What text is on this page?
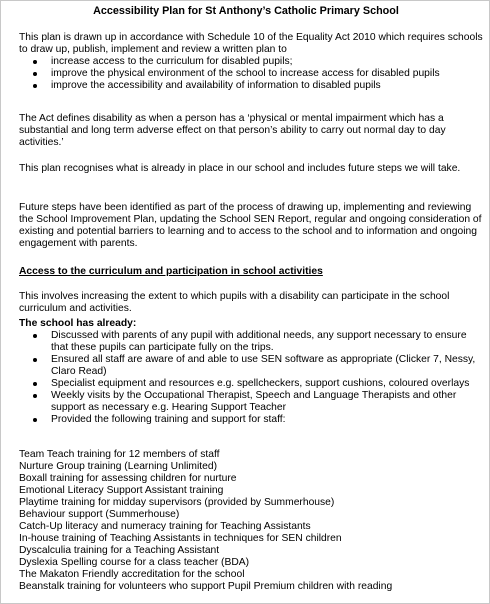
Accessibility Plan for St Anthony’s Catholic Primary School

This plan is drawn up in accordance with Schedule 10 of the Equality Act 2010 which requires schools to draw up, publish, implement and review a written plan to

increase access to the curriculum for disabled pupils;
improve the physical environment of the school to increase access for disabled pupils
improve the accessibility and availability of information to disabled pupils

The Act defines disability as when a person has a ‘physical or mental impairment which has a substantial and long term adverse effect on that person’s ability to carry out normal day to day activities.’

This plan recognises what is already in place in our school and includes future steps we will take.

Future steps have been identified as part of the process of drawing up, implementing and reviewing the School Improvement Plan, updating the School SEN Report, regular and ongoing consideration of existing and potential barriers to learning and to access to the school and to information and ongoing engagement with parents.

Access to the curriculum and participation in school activities

This involves increasing the extent to which pupils with a disability can participate in the school curriculum and activities.

The school has already:

Discussed with parents of any pupil with additional needs, any support necessary to ensure that these pupils can participate fully on the trips.
Ensured all staff are aware of and able to use SEN software as appropriate (Clicker 7, Nessy, Claro Read)
Specialist equipment and resources e.g. spellcheckers, support cushions, coloured overlays
Weekly visits by the Occupational Therapist, Speech and Language Therapists and other support as necessary e.g. Hearing Support Teacher
Provided the following training and support for staff:
Team Teach training for 12 members of staff
Nurture Group training (Learning Unlimited)
Boxall training for assessing children for nurture
Emotional Literacy Support Assistant training
Playtime training for midday supervisors (provided by Summerhouse)
Behaviour support (Summerhouse)
Catch-Up literacy and numeracy training for Teaching Assistants
In-house training of Teaching Assistants in techniques for SEN children
Dyscalculia training for a Teaching Assistant
Dyslexia Spelling course for a class teacher (BDA)
The Makaton Friendly accreditation for the school
Beanstalk training for volunteers who support Pupil Premium children with reading
